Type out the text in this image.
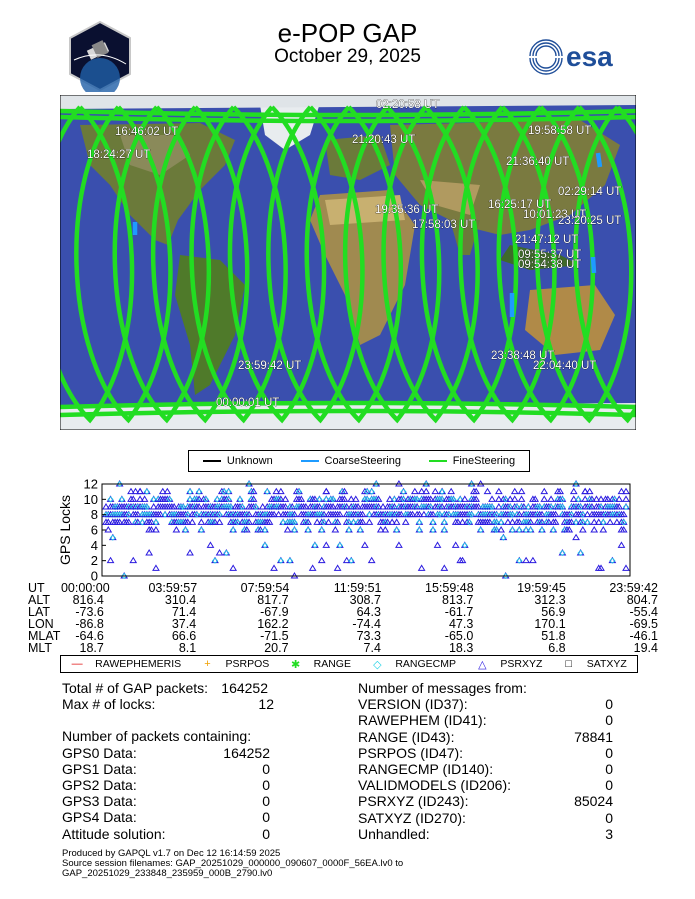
e-POP GAP
October 29, 2025	esa
02:20:58 UT
16:46:02 UT
18:24:27 UT
21:20:43 UT
19:58:58 UT
21:36:40 UT
02:29:14 UT
16:25:17 UT
19:35:36 UT	10:01:23 UT
23:20:25 UT
17:58:03 UT
21:47:12 UT
09:55:37 UT
09:54:38 UT
23:38:48 UT
22:04:40 UT
23:59:42 UT
00:00:01 UT
Unknown	CoarseSteering	FineSteering
0
2
4
6
8
10
12
GPS Locks
UT	00:00:00	03:59:57	07:59:54	11:59:51	15:59:48	19:59:45	23:59:42
ALT	816.4	310.4	817.7	308.7	813.7	312.3	804.7
LAT	-73.6	71.4	-67.9	64.3	-61.7	56.9	-55.4
LON	-86.8	37.4	162.2	-74.4	47.3	170.1	-69.5
MLAT	-64.6	66.6	-71.5	73.3	-65.0	51.8	-46.1
MLT	18.7	8.1	20.7	7.4	18.3	6.8	19.4
— RAWEPHEMERIS + PSRPOS ✱ RANGE ◇ RANGECMP △ PSRXYZ □ SATXYZ
Total # of GAP packets: 164252
Max # of locks:	12
Number of packets containing:
GPS0 Data:	164252
GPS1 Data:	0
GPS2 Data:	0
GPS3 Data:	0
GPS4 Data:	0
Attitude solution:	0
Number of messages from:
VERSION (ID37):	0
RAWEPHEM (ID41):	0
RANGE (ID43):	78841
PSRPOS (ID47):	0
RANGECMP (ID140):	0
VALIDMODELS (ID206):	0
PSRXYZ (ID243):	85024
SATXYZ (ID270):	0
Unhandled:	3
Produced by GAPQL v1.7 on Dec 12 16:14:59 2025
Source session filenames: GAP_20251029_000000_090607_0000F_56EA.lv0 to
GAP_20251029_233848_235959_000B_2790.lv0
